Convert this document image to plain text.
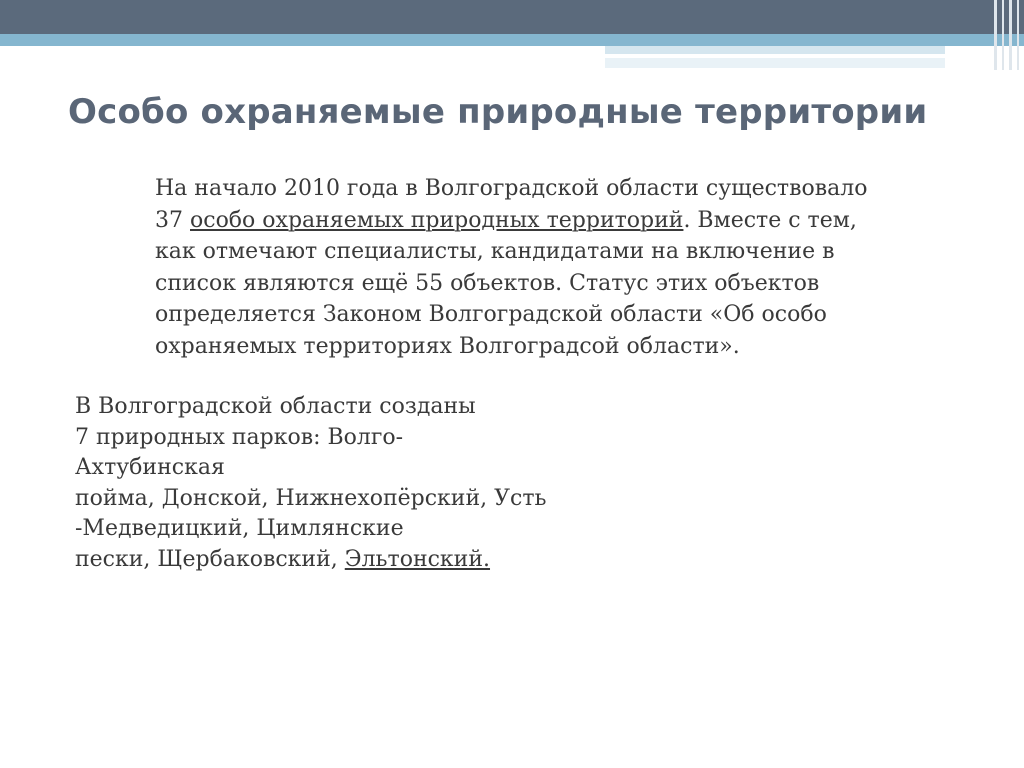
Особо охраняемые природные территории

На начало 2010 года в Волгоградской области существовало 37 особо охраняемых природных территорий. Вместе с тем, как отмечают специалисты, кандидатами на включение в список являются ещё 55 объектов. Статус этих объектов определяется Законом Волгоградской области «Об особо охраняемых территориях Волгоградсой области».

В Волгоградской области созданы
7 природных парков: Волго-
Ахтубинская
пойма, Донской, Нижнехопёрский, Усть
-Медведицкий, Цимлянские
пески, Щербаковский, Эльтонский.
